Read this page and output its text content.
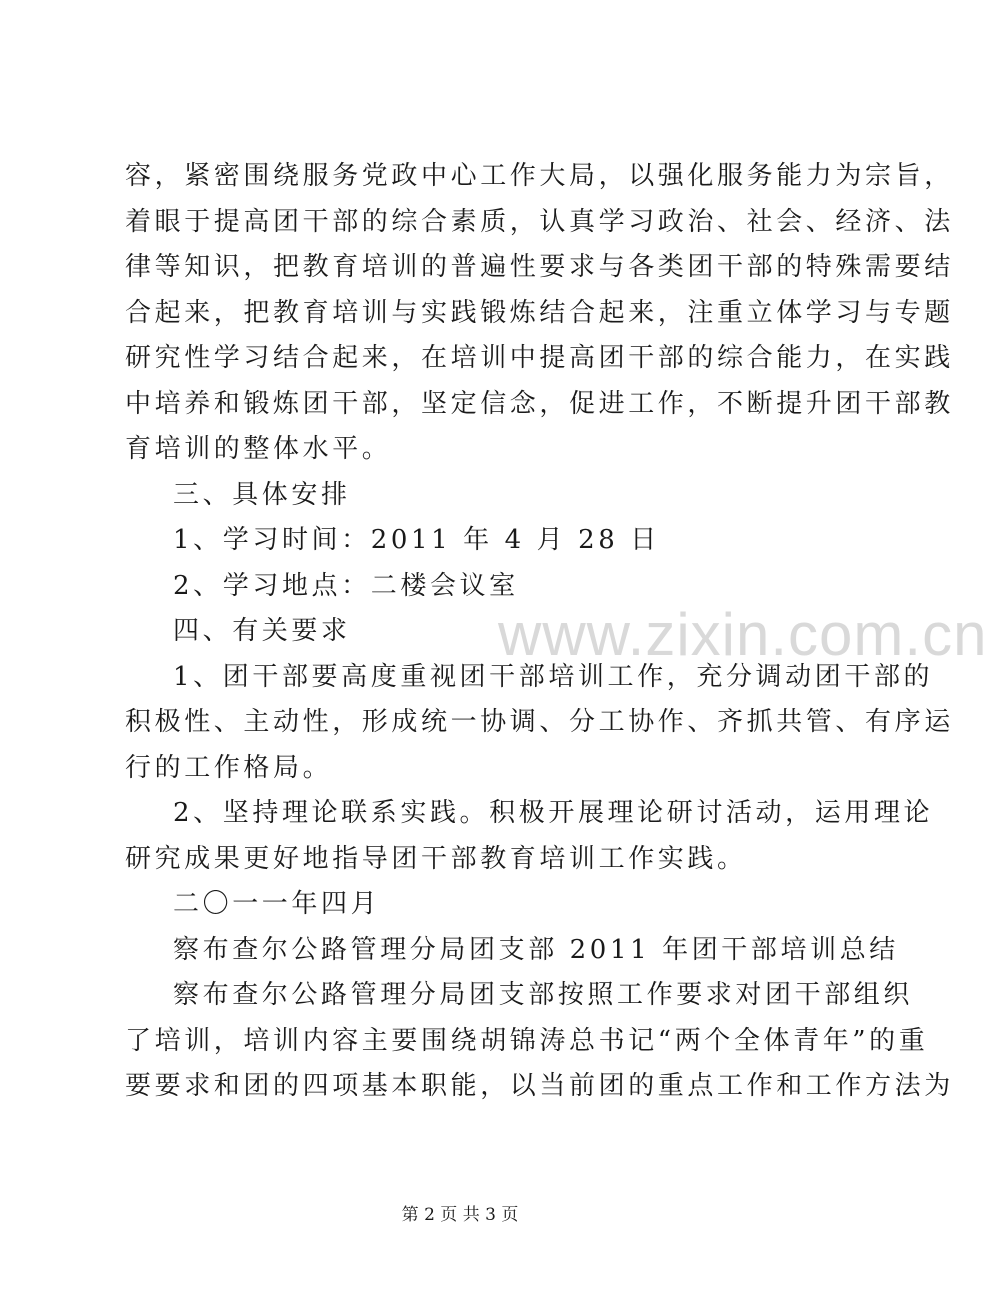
www.zixin.com.cn
容，紧密围绕服务党政中心工作大局，以强化服务能力为宗旨，
着眼于提高团干部的综合素质，认真学习政治、社会、经济、法
律等知识，把教育培训的普遍性要求与各类团干部的特殊需要结
合起来，把教育培训与实践锻炼结合起来，注重立体学习与专题
研究性学习结合起来，在培训中提高团干部的综合能力，在实践
中培养和锻炼团干部，坚定信念，促进工作，不断提升团干部教
育培训的整体水平。
三、具体安排
1、学习时间：2011 年 4 月 28 日
2、学习地点：二楼会议室
四、有关要求
1、团干部要高度重视团干部培训工作，充分调动团干部的
积极性、主动性，形成统一协调、分工协作、齐抓共管、有序运
行的工作格局。
2、坚持理论联系实践。积极开展理论研讨活动，运用理论
研究成果更好地指导团干部教育培训工作实践。
二〇一一年四月
察布查尔公路管理分局团支部 2011 年团干部培训总结
察布查尔公路管理分局团支部按照工作要求对团干部组织
第 2 页 共 3 页
了培训，培训内容主要围绕胡锦涛总书记“两个全体青年”的重
要要求和团的四项基本职能，以当前团的重点工作和工作方法为
